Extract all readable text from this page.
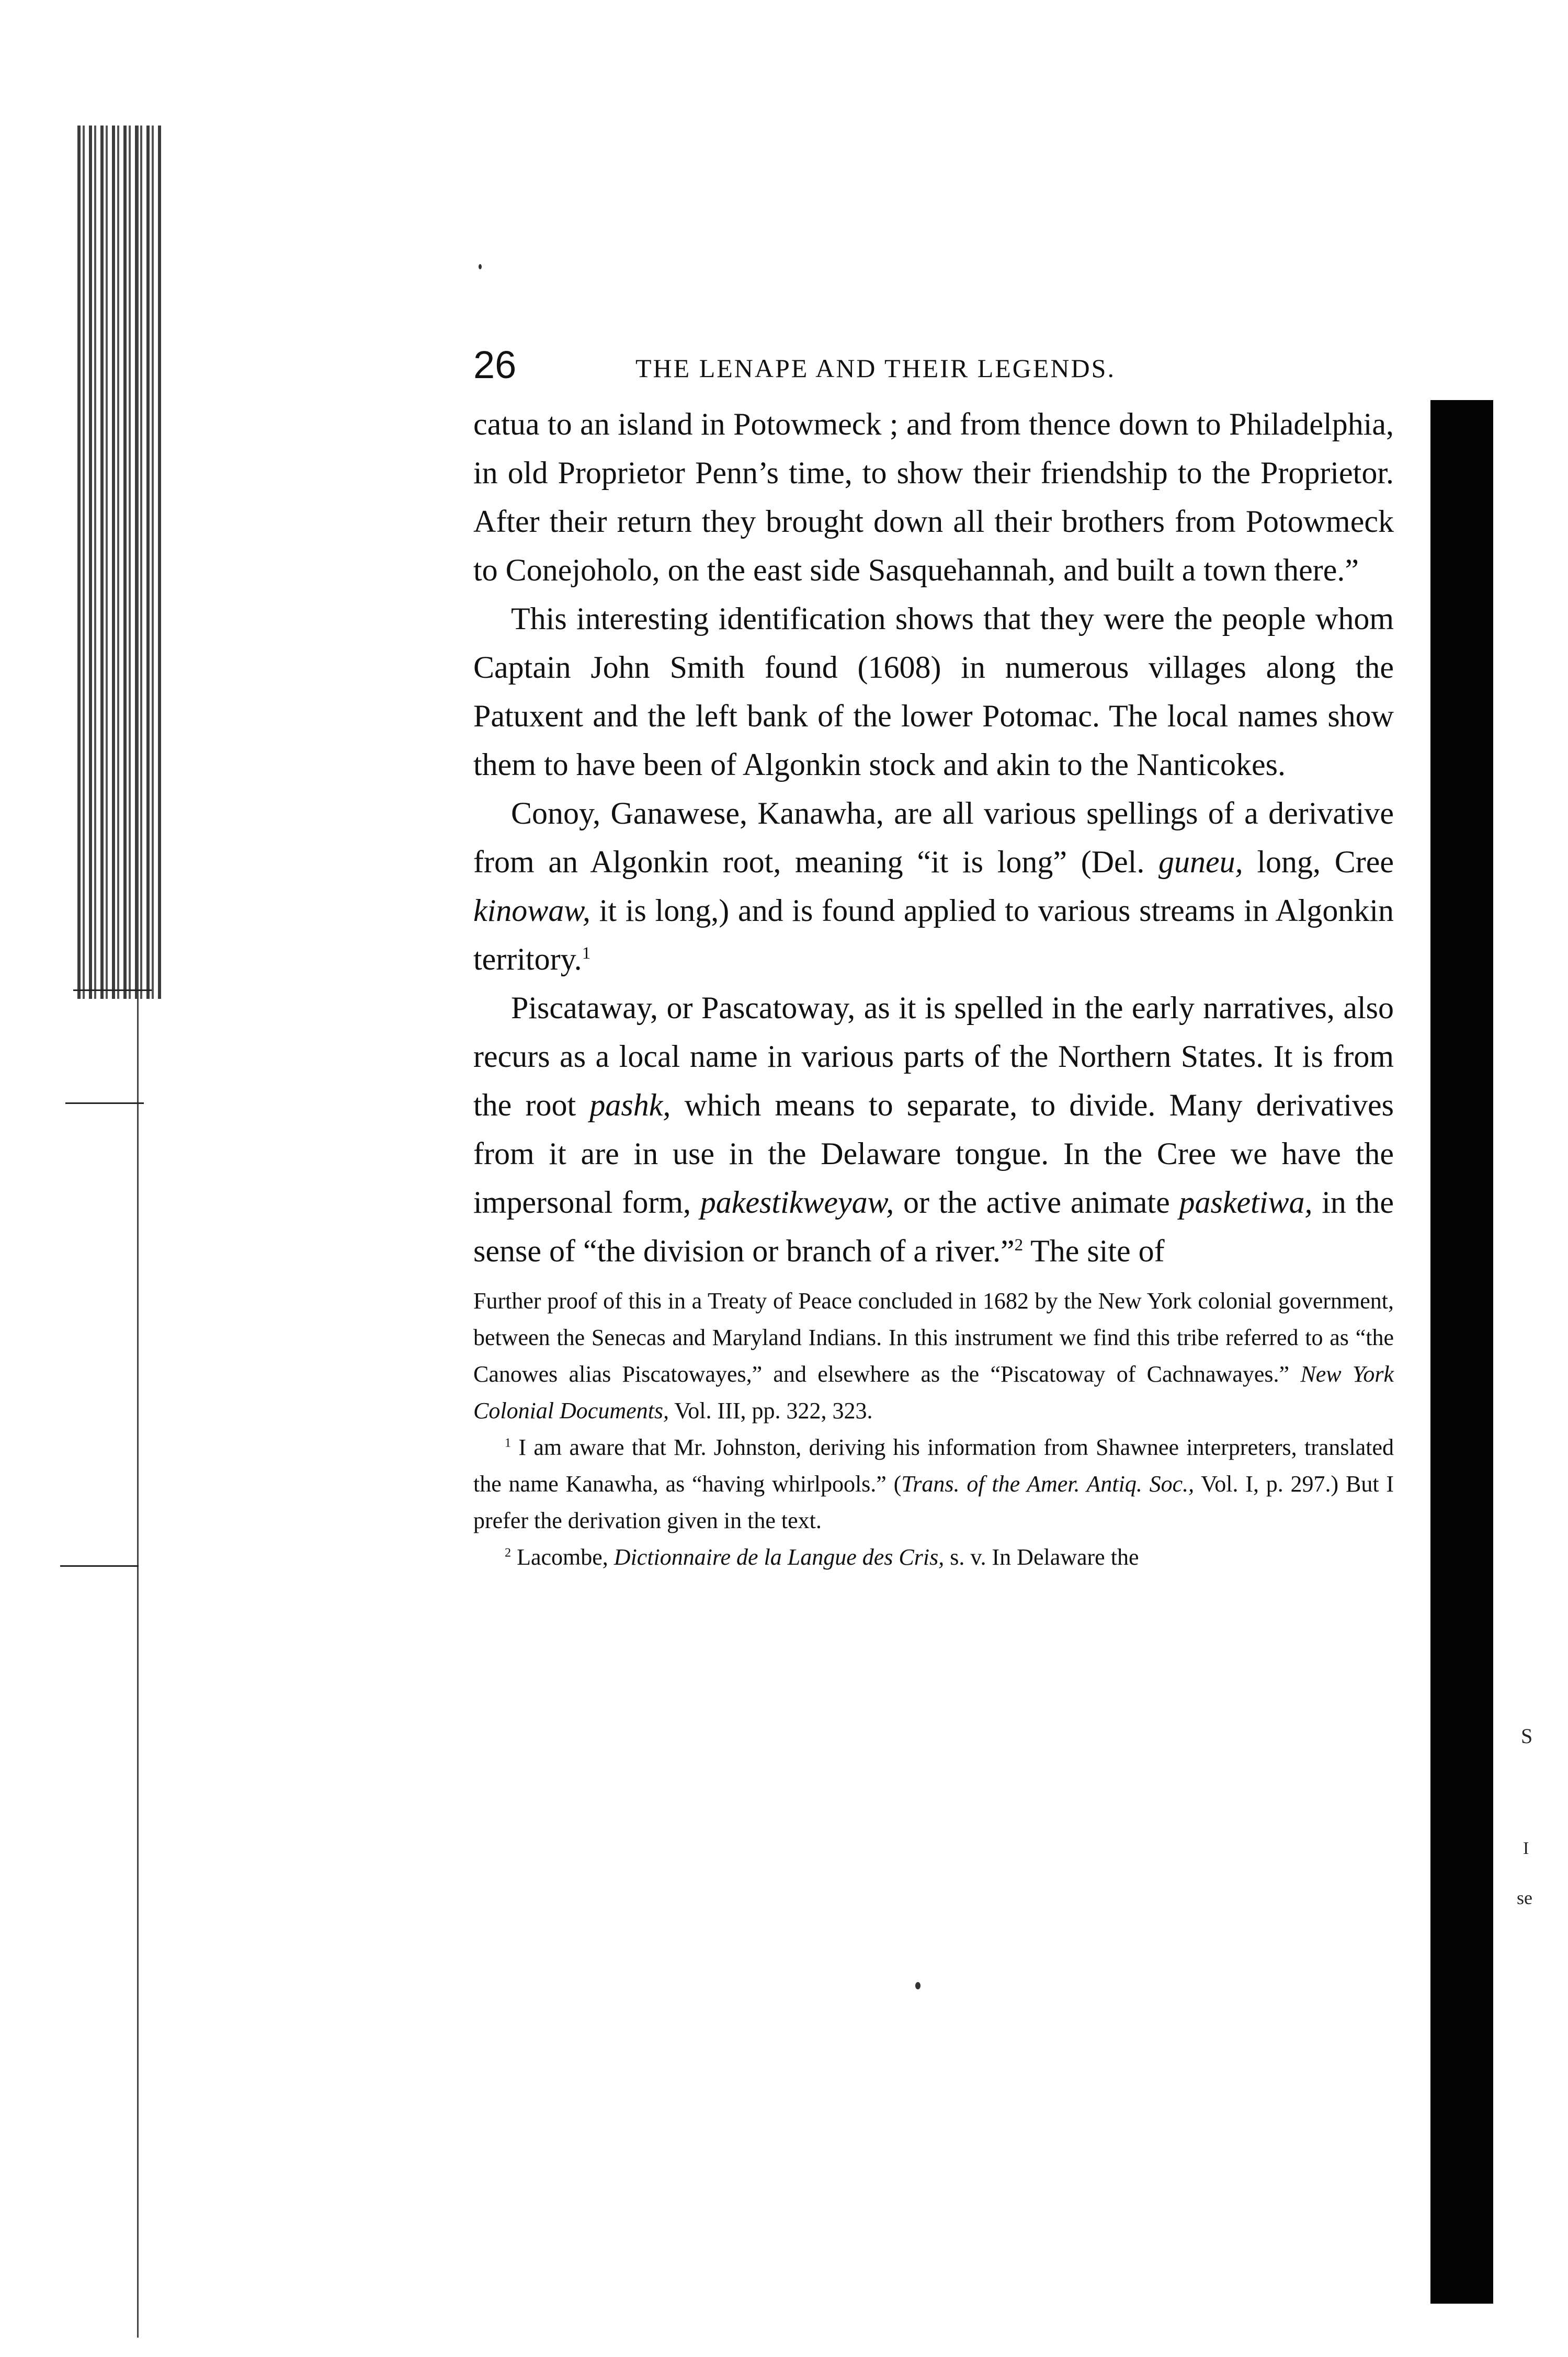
S
I
se
26	THE LENAPE AND THEIR LEGENDS.

catua to an island in Potowmeck ; and from thence down to Philadelphia, in old Proprietor Penn’s time, to show their friendship to the Proprietor. After their return they brought down all their brothers from Potowmeck to Conejoholo, on the east side Sasquehannah, and built a town there.”

This interesting identification shows that they were the people whom Captain John Smith found (1608) in numerous villages along the Patuxent and the left bank of the lower Potomac. The local names show them to have been of Algonkin stock and akin to the Nanticokes.

Conoy, Ganawese, Kanawha, are all various spellings of a derivative from an Algonkin root, meaning “it is long” (Del. guneu, long, Cree kinowaw, it is long,) and is found applied to various streams in Algonkin territory.$^1$

Piscataway, or Pascatoway, as it is spelled in the early narratives, also recurs as a local name in various parts of the Northern States. It is from the root pashk, which means to separate, to divide. Many derivatives from it are in use in the Delaware tongue. In the Cree we have the impersonal form, pakestikweyaw, or the active animate pasketiwa, in the sense of “the division or branch of a river.”$^2$ The site of

Further proof of this in a Treaty of Peace concluded in 1682 by the New York colonial government, between the Senecas and Maryland Indians. In this instrument we find this tribe referred to as “the Canowes alias Piscatowayes,” and elsewhere as the “Piscatoway of Cachnawayes.” New York Colonial Documents, Vol. III, pp. 322, 323.

$^1$ I am aware that Mr. Johnston, deriving his information from Shawnee interpreters, translated the name Kanawha, as “having whirlpools.” (Trans. of the Amer. Antiq. Soc., Vol. I, p. 297.) But I prefer the derivation given in the text.

$^2$ Lacombe, Dictionnaire de la Langue des Cris, s. v. In Delaware the
